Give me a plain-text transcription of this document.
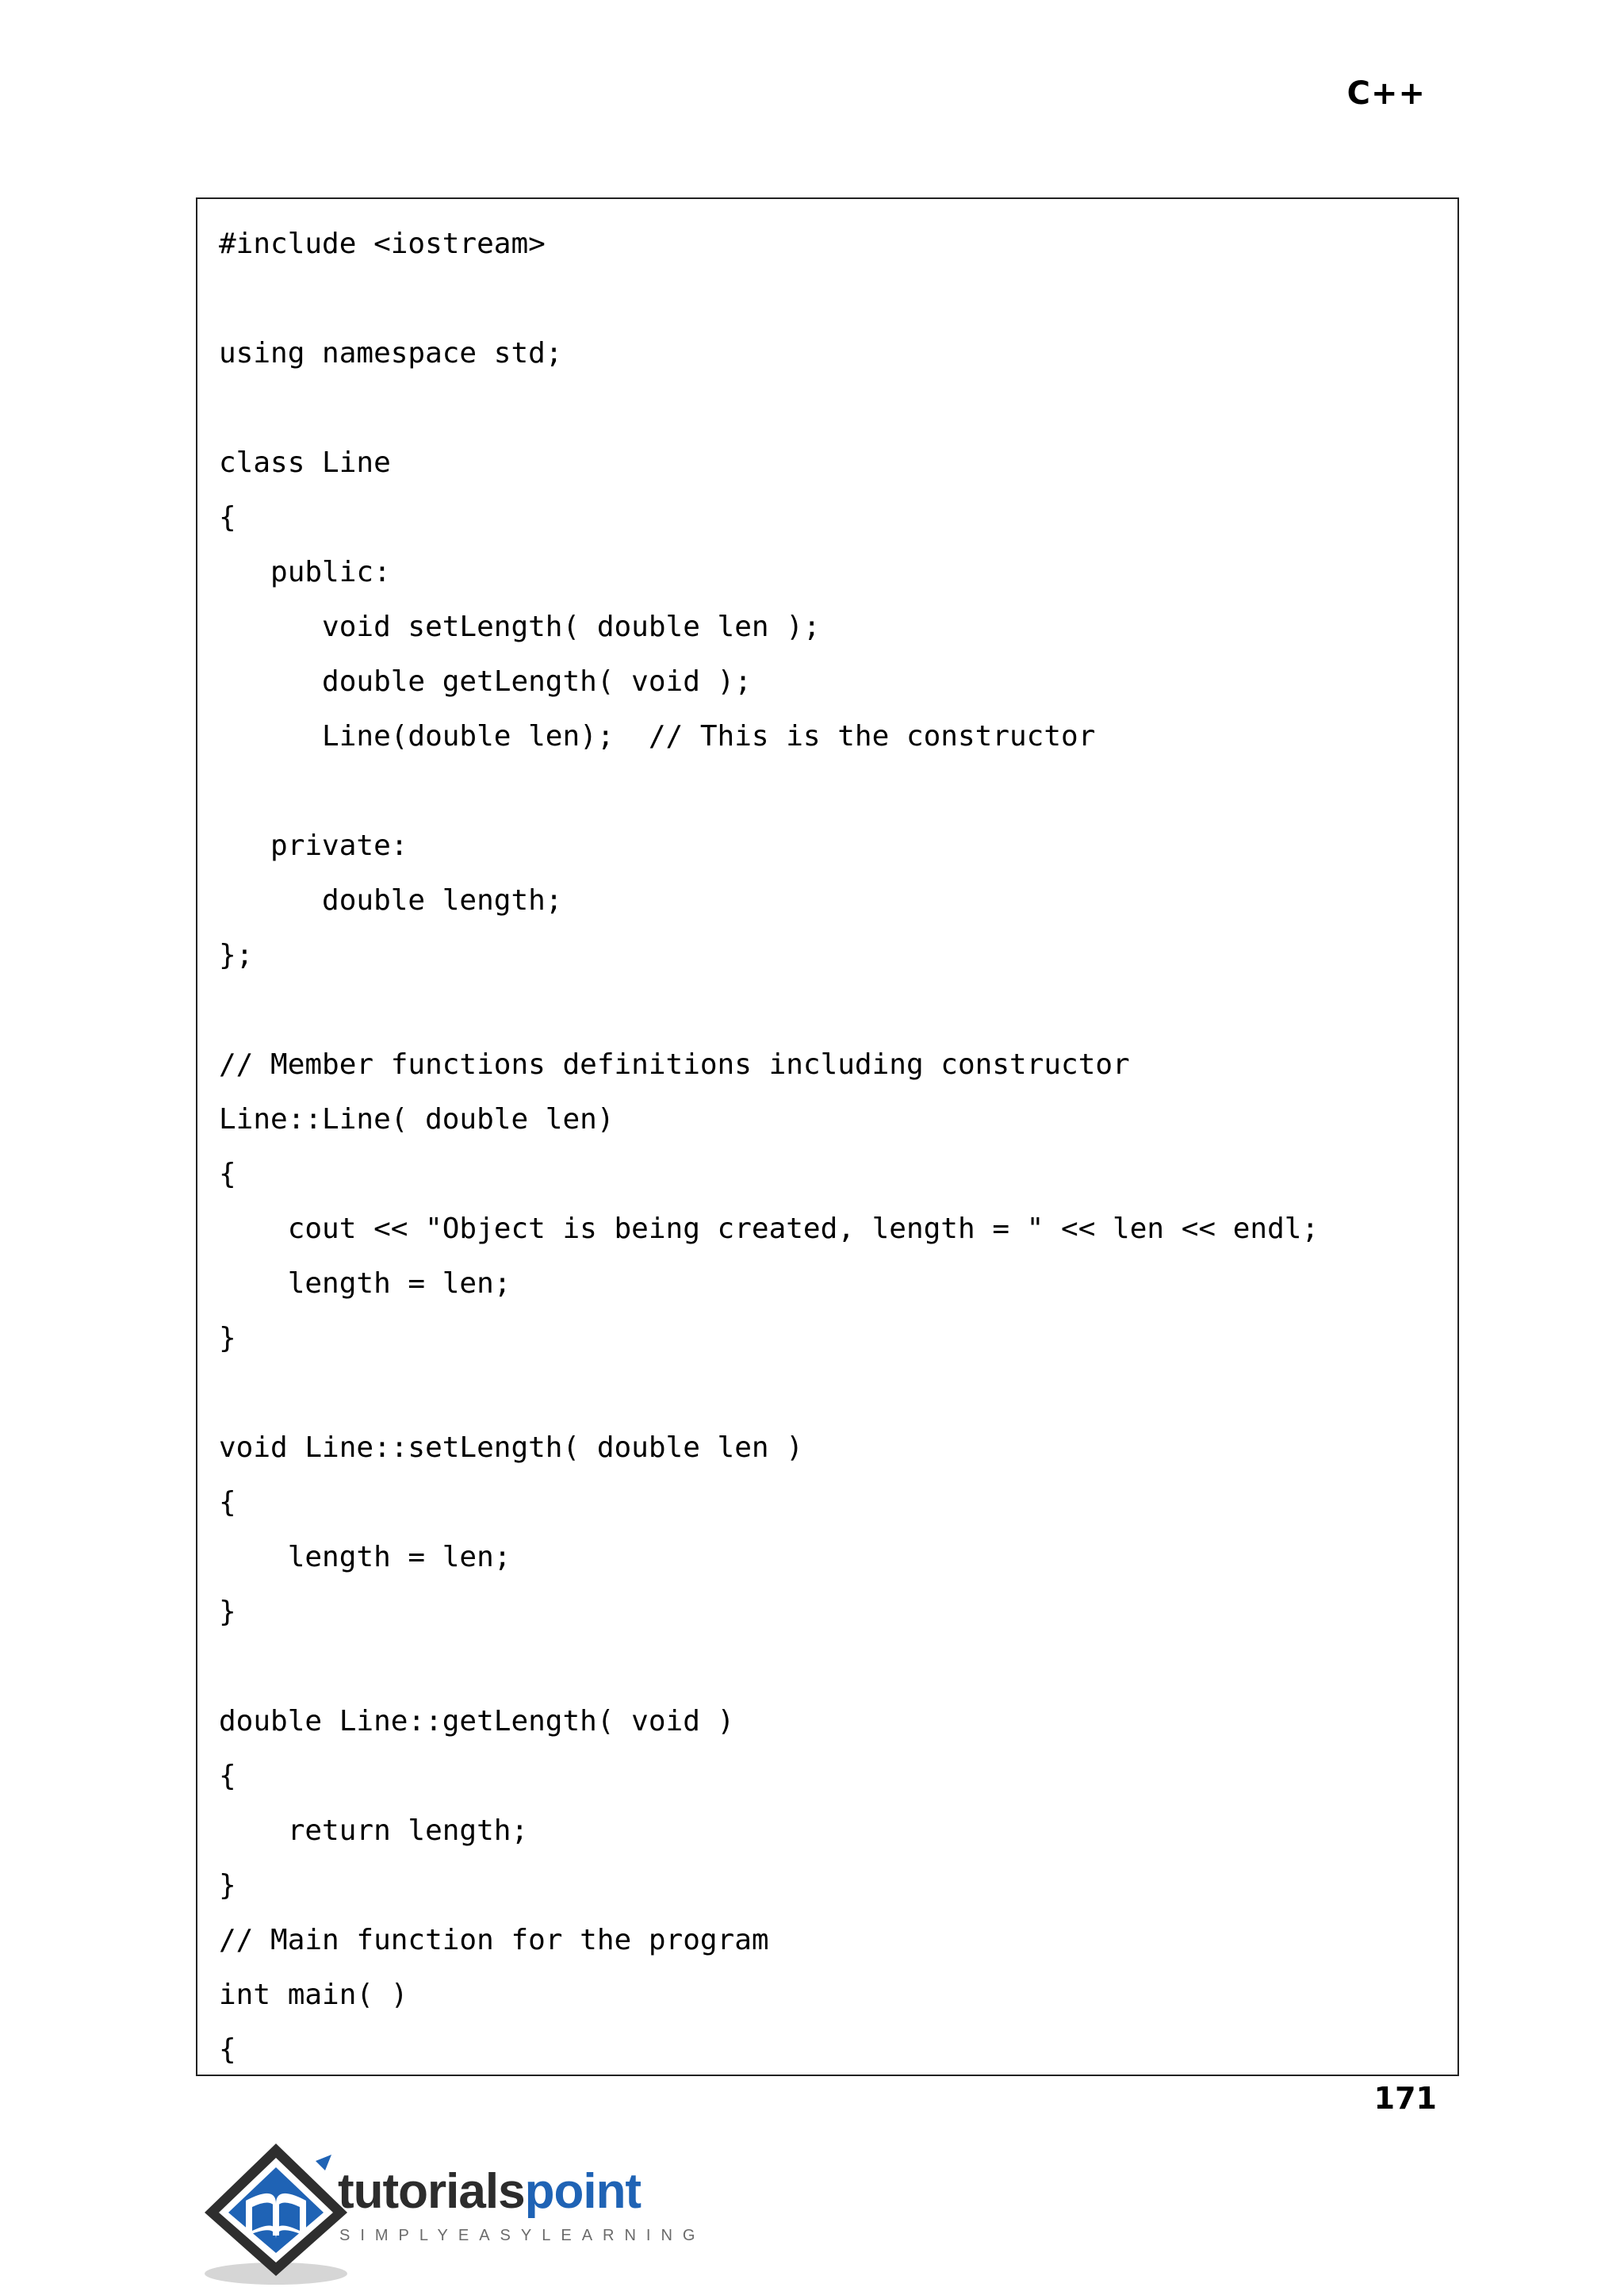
C++
#include <iostream>
using namespace std;
class Line
{
public:
void setLength( double len );
double getLength( void );
Line(double len);  // This is the constructor
private:
double length;
};
// Member functions definitions including constructor
Line::Line( double len)
{
cout << "Object is being created, length = " << len << endl;
length = len;
}
void Line::setLength( double len )
{
length = len;
}
double Line::getLength( void )
{
return length;
}
// Main function for the program
int main( )
{
171
tutorialspoint
SIMPLYEASYLEARNING
